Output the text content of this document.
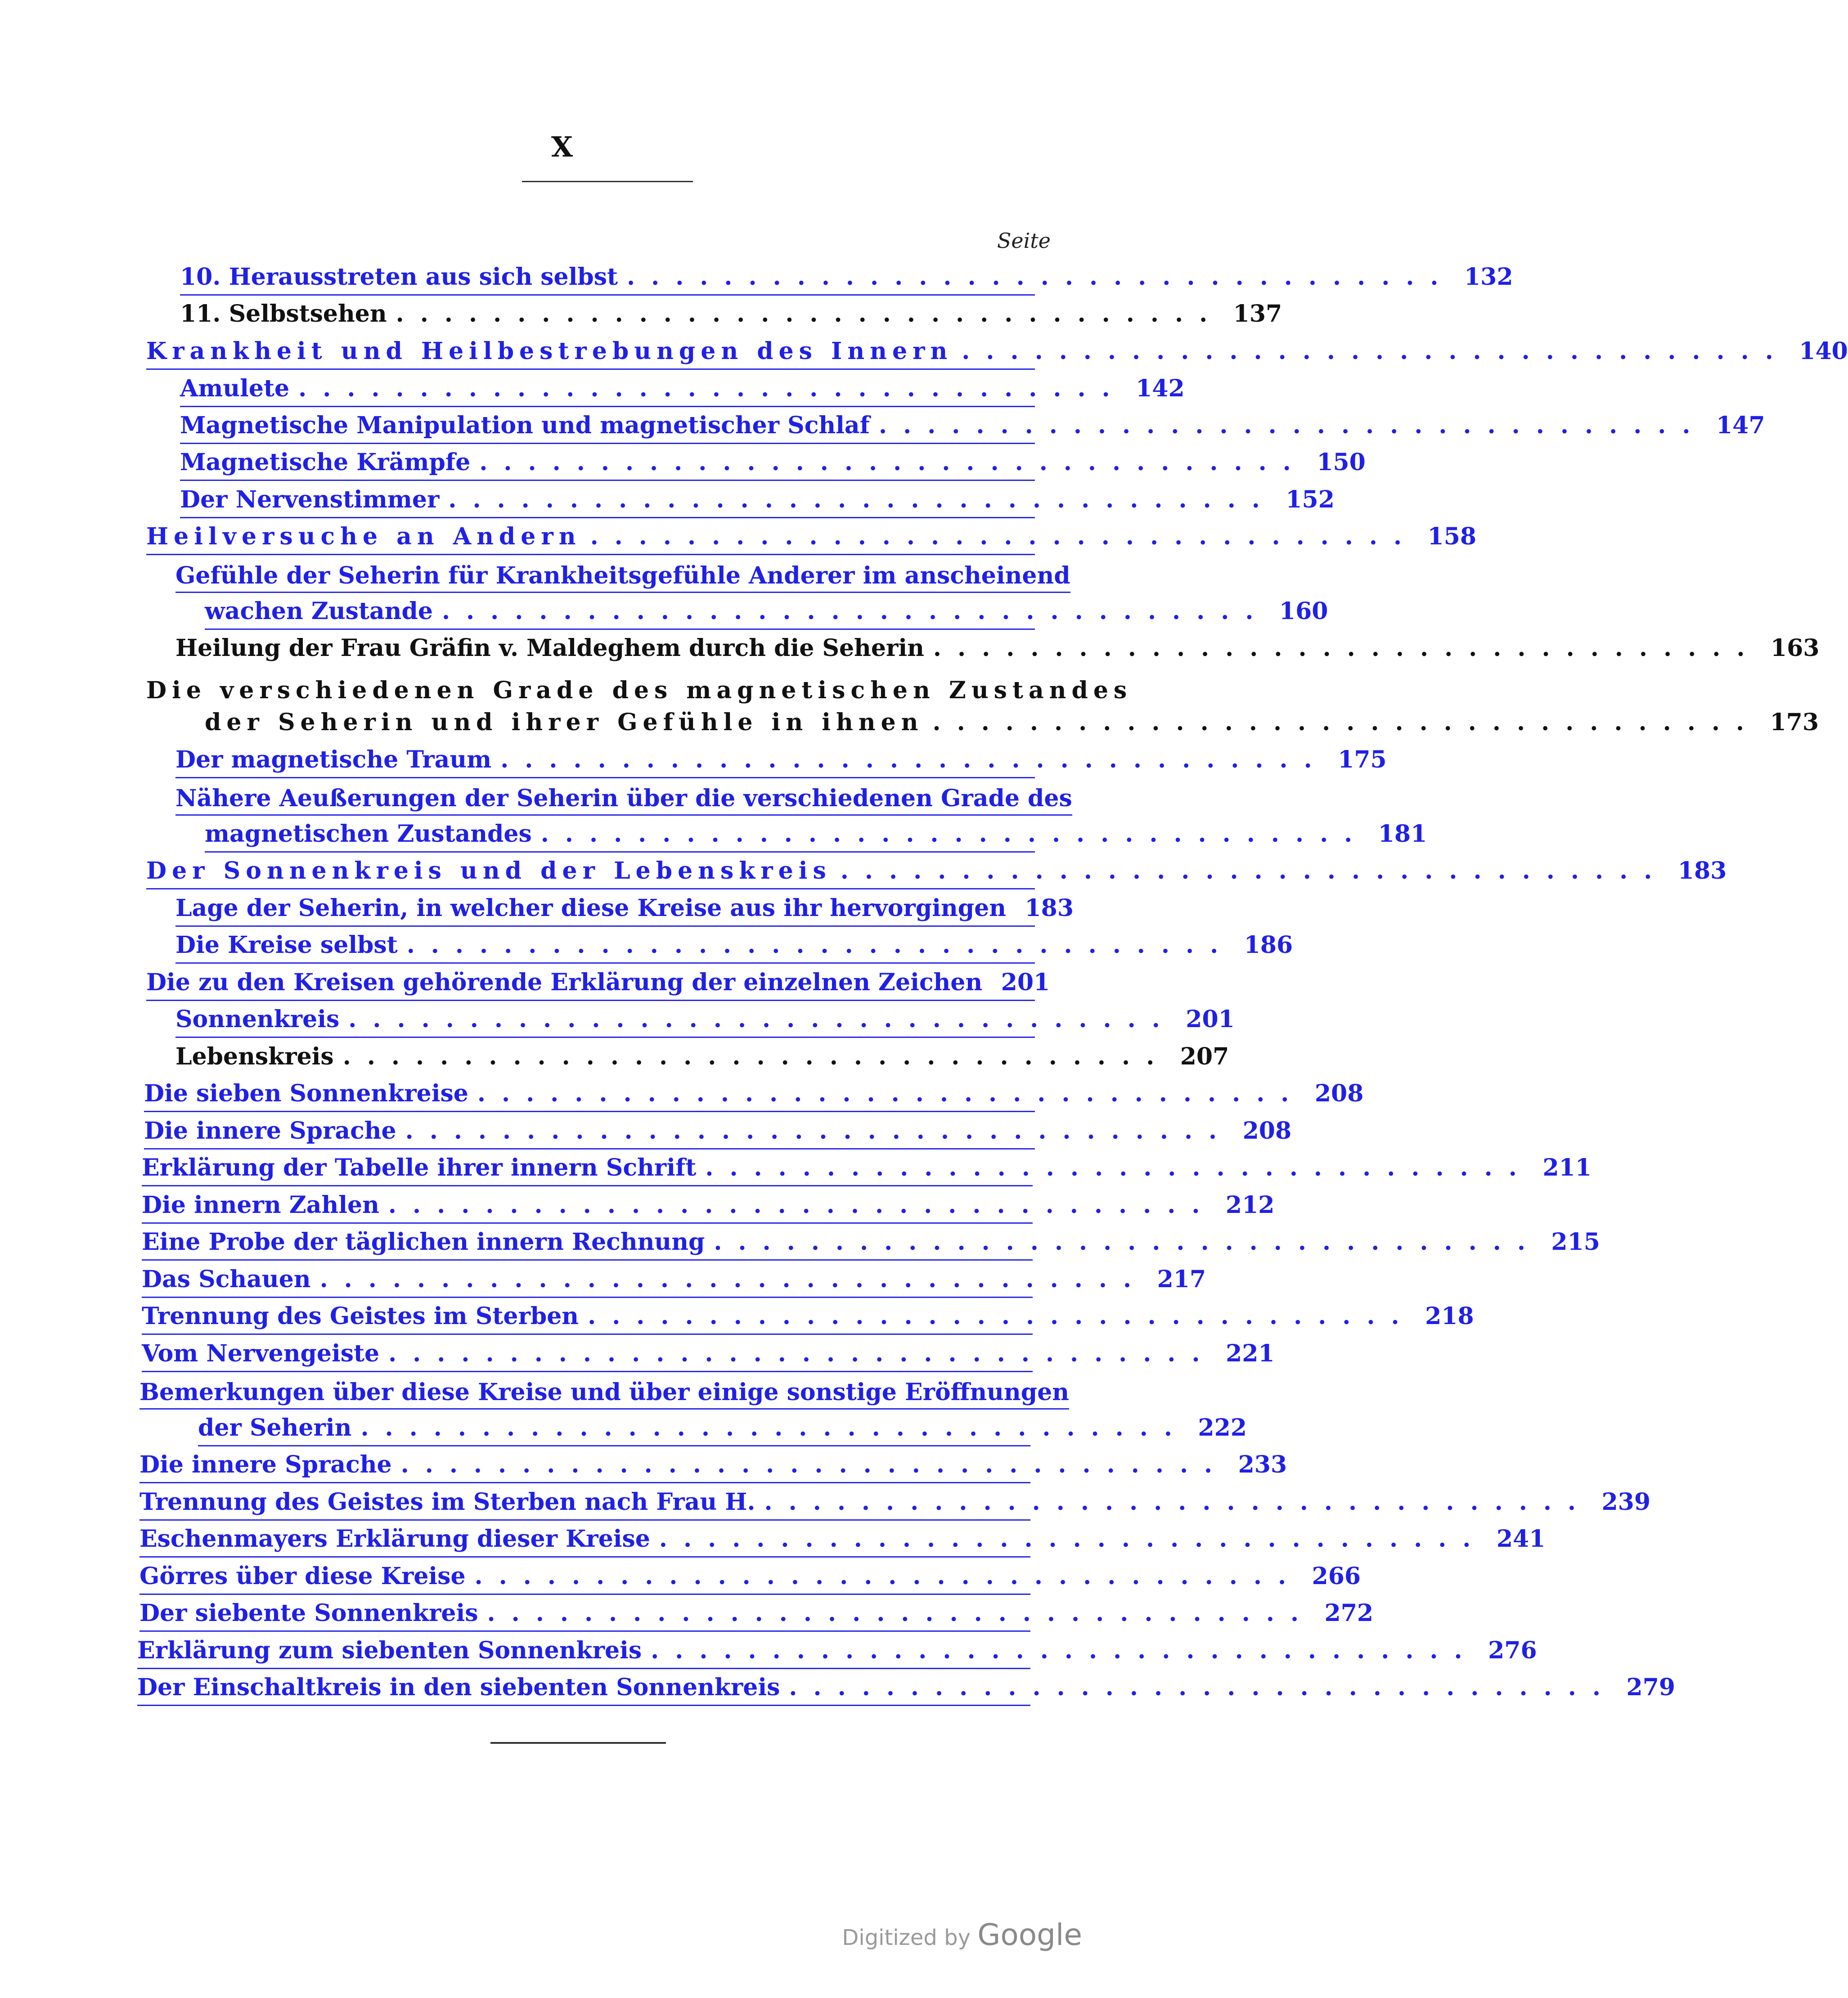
X
Seite
10. Herausstreten aus sich selbst .................................. 132
11. Selbstsehen .................................. 137
Krankheit und Heilbestrebungen des Innern .................................. 140
Amulete .................................. 142
Magnetische Manipulation und magnetischer Schlaf .................................. 147
Magnetische Krämpfe .................................. 150
Der Nervenstimmer .................................. 152
Heilversuche an Andern .................................. 158
Gefühle der Seherin für Krankheitsgefühle Anderer im anscheinend
wachen Zustande .................................. 160
Heilung der Frau Gräfin v. Maldeghem durch die Seherin .................................. 163
Die verschiedenen Grade des magnetischen Zustandes
der Seherin und ihrer Gefühle in ihnen .................................. 173
Der magnetische Traum .................................. 175
Nähere Aeußerungen der Seherin über die verschiedenen Grade des
magnetischen Zustandes .................................. 181
Der Sonnenkreis und der Lebenskreis .................................. 183
Lage der Seherin, in welcher diese Kreise aus ihr hervorgingen 183
Die Kreise selbst .................................. 186
Die zu den Kreisen gehörende Erklärung der einzelnen Zeichen 201
Sonnenkreis .................................. 201
Lebenskreis .................................. 207
Die sieben Sonnenkreise .................................. 208
Die innere Sprache .................................. 208
Erklärung der Tabelle ihrer innern Schrift .................................. 211
Die innern Zahlen .................................. 212
Eine Probe der täglichen innern Rechnung .................................. 215
Das Schauen .................................. 217
Trennung des Geistes im Sterben .................................. 218
Vom Nervengeiste .................................. 221
Bemerkungen über diese Kreise und über einige sonstige Eröffnungen
der Seherin .................................. 222
Die innere Sprache .................................. 233
Trennung des Geistes im Sterben nach Frau H. .................................. 239
Eschenmayers Erklärung dieser Kreise .................................. 241
Görres über diese Kreise .................................. 266
Der siebente Sonnenkreis .................................. 272
Erklärung zum siebenten Sonnenkreis .................................. 276
Der Einschaltkreis in den siebenten Sonnenkreis .................................. 279
Digitized by Google
